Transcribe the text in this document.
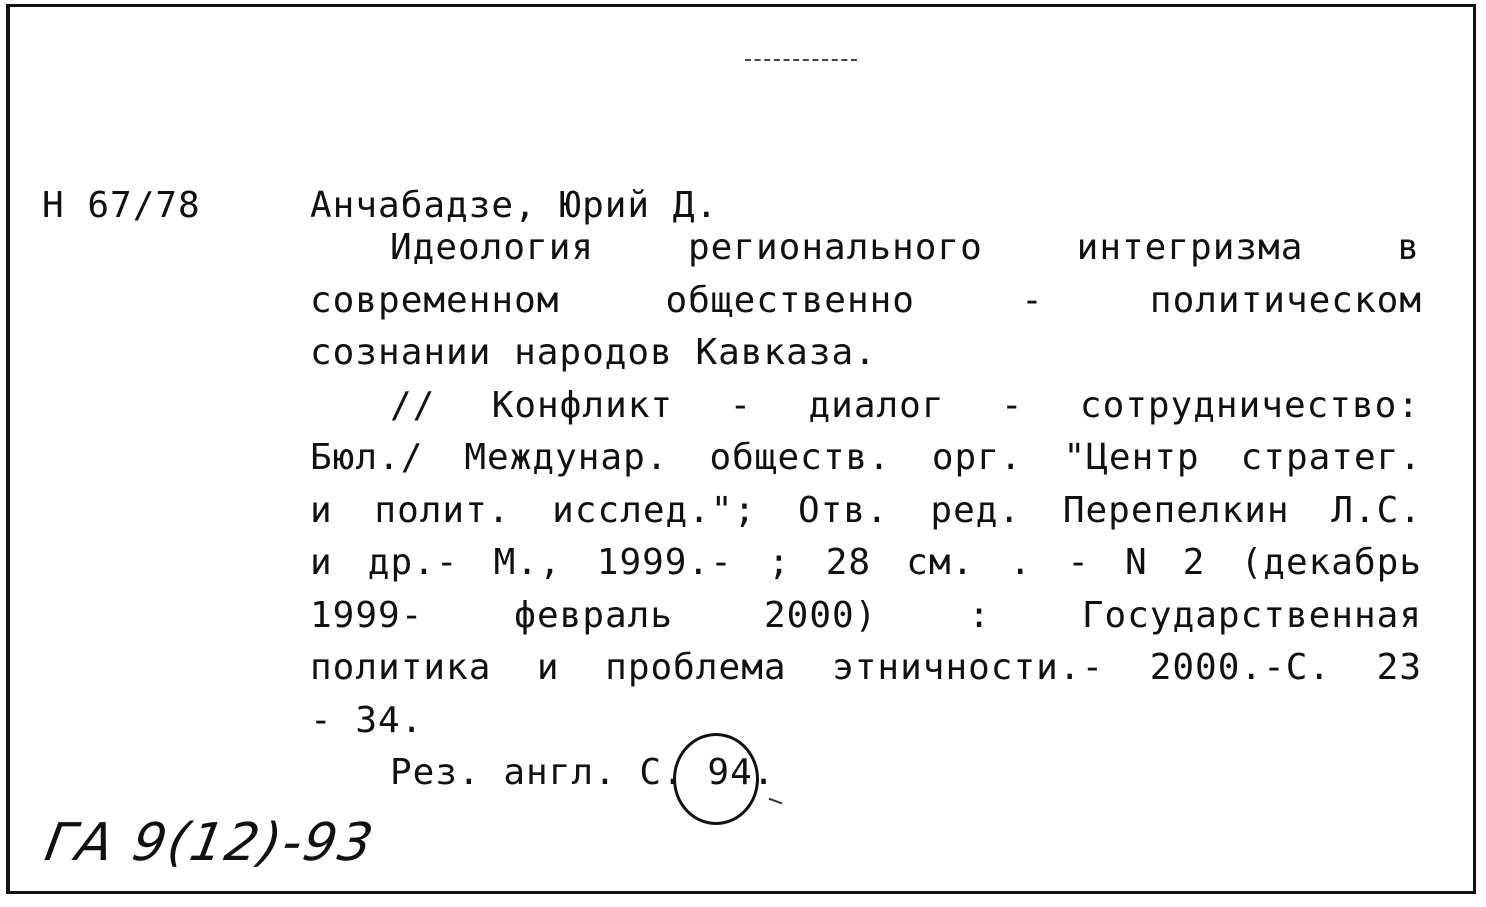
Н 67/78	Анчабадзе, Юрий Д.
Идеология регионального интегризма в
современном общественно - политическом
сознании народов Кавказа.
// Конфликт - диалог - сотрудничество:
Бюл./ Междунар. обществ. орг. "Центр стратег.
и полит. исслед."; Отв. ред. Перепелкин Л.С.
и др.- М., 1999.- ; 28 см. . - N 2 (декабрь
1999- февраль 2000) : Государственная
политика и проблема этничности.- 2000.-С. 23
- 34.
Рез. англ. С. 94.
ГА 9(12)-93
